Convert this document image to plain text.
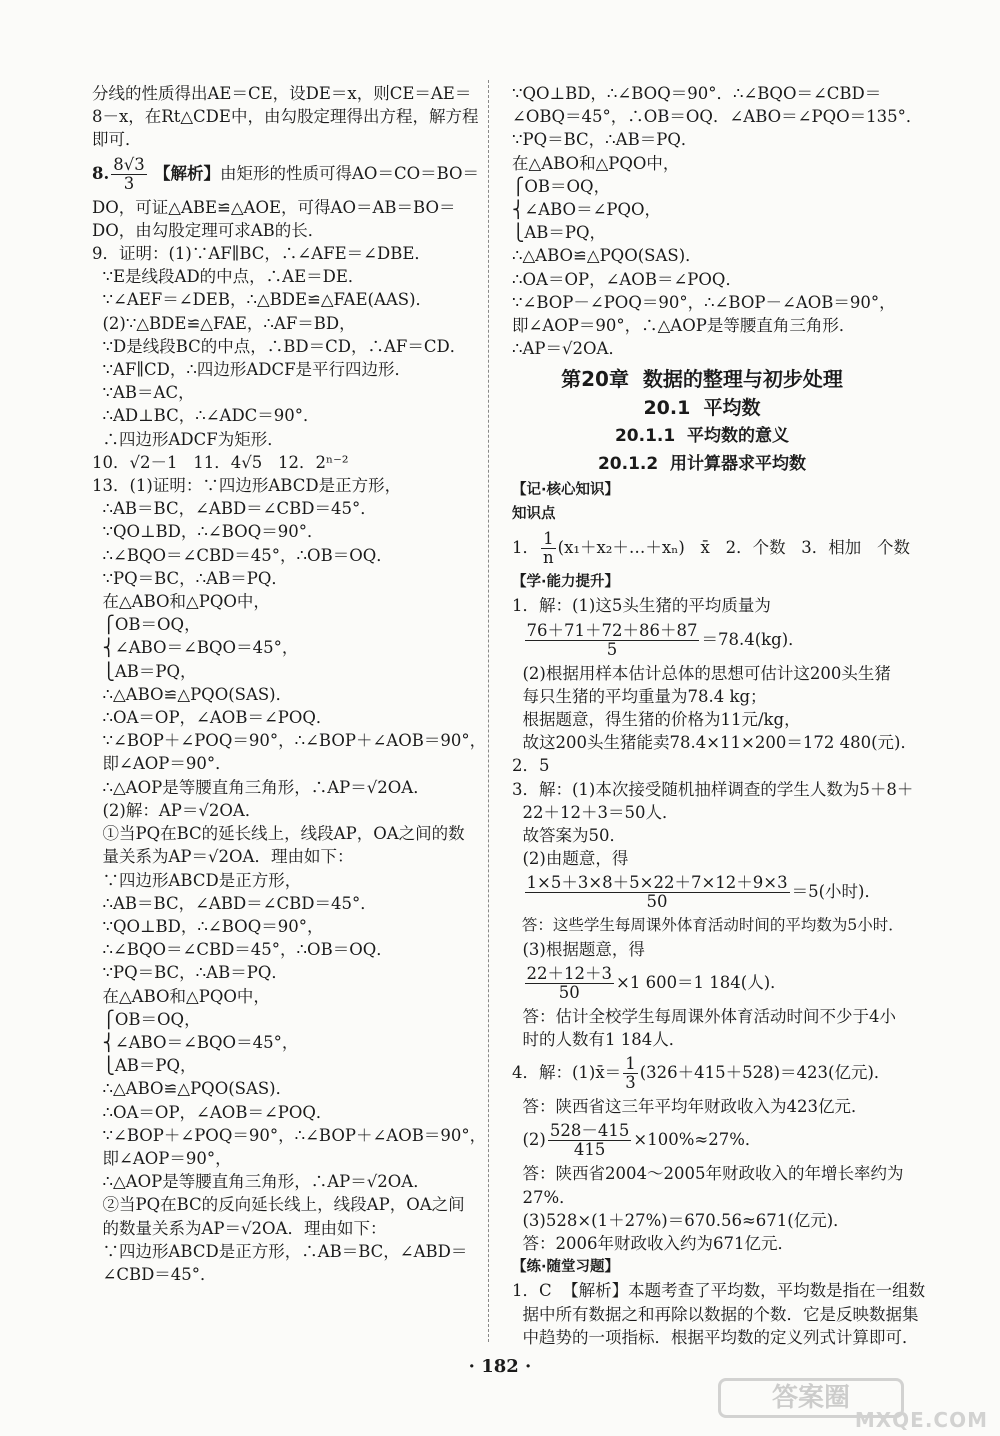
分线的性质得出AE＝CE，设DE＝x，则CE＝AE＝
8－x，在Rt△CDE中，由勾股定理得出方程，解方程
即可．
8. $\frac{8√3}{3}$ 【解析】由矩形的性质可得AO＝CO＝BO＝
DO，可证△ABE≌△AOE，可得AO＝AB＝BO＝
DO，由勾股定理可求AB的长．
9．证明：(1)∵AF∥BC，∴∠AFE＝∠DBE．
∵E是线段AD的中点，∴AE＝DE．
∵∠AEF＝∠DEB，∴△BDE≌△FAE(AAS)．
(2)∵△BDE≌△FAE，∴AF＝BD，
∵D是线段BC的中点，∴BD＝CD，∴AF＝CD．
∵AF∥CD，∴四边形ADCF是平行四边形．
∵AB＝AC，
∴AD⊥BC，∴∠ADC＝90°．
∴四边形ADCF为矩形．
10．√2－1   11．4√5   12．2ⁿ⁻²
13．(1)证明：∵四边形ABCD是正方形，
∴AB＝BC，∠ABD＝∠CBD＝45°．
∵QO⊥BD，∴∠BOQ＝90°．
∴∠BQO＝∠CBD＝45°，∴OB＝OQ．
∵PQ＝BC，∴AB＝PQ．
在△ABO和△PQO中，
⎧OB＝OQ，
⎨∠ABO＝∠BQO＝45°，
⎩AB＝PQ，
∴△ABO≌△PQO(SAS)．
∴OA＝OP，∠AOB＝∠POQ．
∵∠BOP＋∠POQ＝90°，∴∠BOP＋∠AOB＝90°，
即∠AOP＝90°．
∴△AOP是等腰直角三角形，∴AP＝√2OA．
(2)解：AP＝√2OA．
①当PQ在BC的延长线上，线段AP，OA之间的数
量关系为AP＝√2OA．理由如下：
∵四边形ABCD是正方形，
∴AB＝BC，∠ABD＝∠CBD＝45°．
∵QO⊥BD，∴∠BOQ＝90°，
∴∠BQO＝∠CBD＝45°，∴OB＝OQ．
∵PQ＝BC，∴AB＝PQ．
在△ABO和△PQO中，
⎧OB＝OQ，
⎨∠ABO＝∠BQO＝45°，
⎩AB＝PQ，
∴△ABO≌△PQO(SAS)．
∴OA＝OP，∠AOB＝∠POQ．
∵∠BOP＋∠POQ＝90°，∴∠BOP＋∠AOB＝90°，
即∠AOP＝90°，
∴△AOP是等腰直角三角形，∴AP＝√2OA．
②当PQ在BC的反向延长线上，线段AP，OA之间
的数量关系为AP＝√2OA．理由如下：
∵四边形ABCD是正方形，∴AB＝BC，∠ABD＝
∠CBD＝45°．
∵QO⊥BD，∴∠BOQ＝90°．∴∠BQO＝∠CBD＝
∠OBQ＝45°，∴OB＝OQ．∠ABO＝∠PQO＝135°．
∵PQ＝BC，∴AB＝PQ．
在△ABO和△PQO中，
⎧OB＝OQ，
⎨∠ABO＝∠PQO，
⎩AB＝PQ，
∴△ABO≌△PQO(SAS)．
∴OA＝OP，∠AOB＝∠POQ．
∵∠BOP－∠POQ＝90°，∴∠BOP－∠AOB＝90°，
即∠AOP＝90°，∴△AOP是等腰直角三角形．
∴AP＝√2OA．
第20章  数据的整理与初步处理
20.1  平均数
20.1.1  平均数的意义
20.1.2  用计算器求平均数
【记·核心知识】
知识点
1． $\frac{1}{n}$ (x₁＋x₂＋…＋xₙ)   x̄   2．个数   3．相加   个数
【学·能力提升】
1．解：(1)这5头生猪的平均质量为

$\frac{76+71+72+86+87}{5} =78.4(kg)$．
(2)根据用样本估计总体的思想可估计这200头生猪
每只生猪的平均重量为78.4 kg；
根据题意，得生猪的价格为11元/kg，
故这200头生猪能卖78.4×11×200＝172 480(元)．
2．5
3．解：(1)本次接受随机抽样调查的学生人数为5＋8＋
22＋12＋3＝50人．
故答案为50．
(2)由题意，得

$\frac{1\times 5+3\times 8+5\times 22+7\times 12+9\times 3}{50} =5$(小时)．
答：这些学生每周课外体育活动时间的平均数为5小时．
(3)根据题意，得

$\frac{22+12+3}{50} \times 1$ 600＝1 184(人)．
答：估计全校学生每周课外体育活动时间不少于4小
时的人数有1 184人．
4．解：(1)x̄＝ $\frac{1}{3} (326+415+528)=423$(亿元)．
答：陕西省这三年平均年财政收入为423亿元．
$(2) \frac{528-415}{415} \times 100\%\approx 27\%$．
答：陕西省2004～2005年财政收入的年增长率约为
27%．
(3)528×(1＋27%)＝670.56≈671(亿元)．
答：2006年财政收入约为671亿元．
【练·随堂习题】
1．C  【解析】本题考查了平均数，平均数是指在一组数
据中所有数据之和再除以数据的个数．它是反映数据集
中趋势的一项指标．根据平均数的定义列式计算即可．
· 182 ·
答案圈
MXQE.COM
